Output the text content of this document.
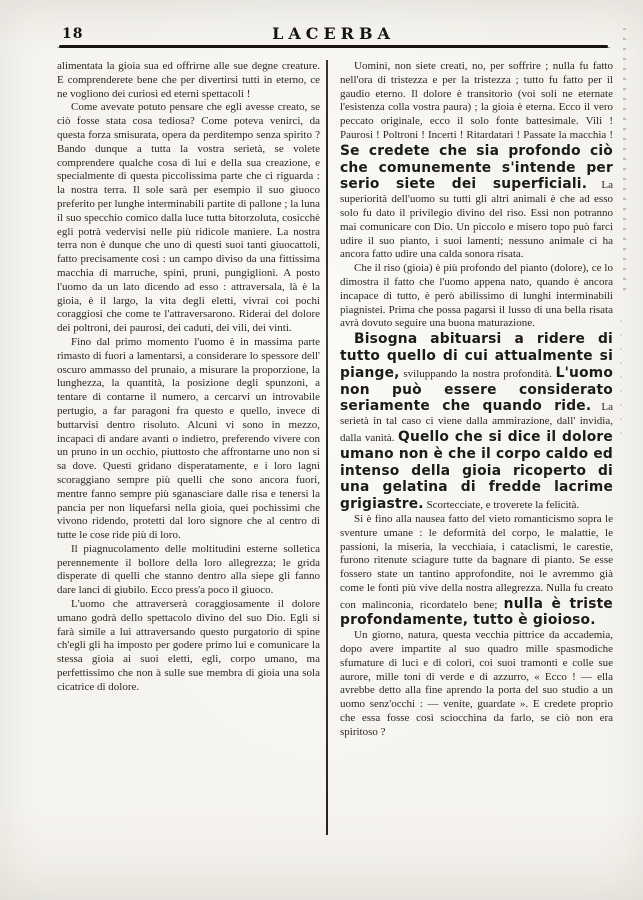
18	LACERBA

alimentata la gioia sua ed offrirne alle sue degne creature. E comprenderete bene che per divertirsi tutti in eterno, ce ne vogliono dei curiosi ed eterni spettacoli !

Come avevate potuto pensare che egli avesse creato, se ciò fosse stata cosa tediosa? Come poteva venirci, da questa forza smisurata, opera da perditempo senza spirito ? Bando dunque a tutta la vostra serietà, se volete comprendere qualche cosa di lui e della sua creazione, e specialmente di questa piccolissima parte che ci riguarda : la nostra terra. Il sole sarà per esempio il suo giuoco preferito per lunghe interminabili partite di pallone ; la luna il suo specchio comico dalla luce tutta bitorzoluta, cosicchè egli potrà vedervisi nelle più ridicole maniere. La nostra terra non è dunque che uno di questi suoi tanti giuocattoli, fatto precisamente così : un campo diviso da una fittissima macchia di marruche, spini, pruni, pungiglioni. A posto l'uomo da un lato dicendo ad esso : attraversala, là è la gioia, è il largo, la vita degli eletti, vivrai coi pochi coraggiosi che come te l'attraversarono. Riderai del dolore dei poltroni, dei paurosi, dei caduti, dei vili, dei vinti.

Fino dal primo momento l'uomo è in massima parte rimasto di fuori a lamentarsi, a considerare lo spessore dell' oscuro ammasso del prunaio, a misurare la proporzione, la lunghezza, la quantità, la posizione degli spunzoni, a tentare di contarne il numero, a cercarvi un introvabile pertugio, a far paragoni fra questo e quello, invece di buttarvisi dentro risoluto. Alcuni vi sono in mezzo, incapaci di andare avanti o indietro, preferendo vivere con un pruno in un occhio, piuttosto che affrontarne uno non si sa dove. Questi gridano disperatamente, e i loro lagni scoraggiano sempre più quelli che sono ancora fuori, mentre fanno sempre più sganasciare dalle risa e tenersi la pancia per non liquefarsi nella gioia, quei pochissimi che vivono ridendo, protetti dal loro signore che al centro di tutte le cose ride più di loro.

Il piagnucolamento delle moltitudini esterne solletica perennemente il bollore della loro allegrezza; le grida disperate di quelli che stanno dentro alla siepe gli fanno dare lanci di giubilo. Ecco press'a poco il giuoco.

L'uomo che attraverserà coraggiosamente il dolore umano godrà dello spettacolo divino del suo Dio. Egli si farà simile a lui attraversando questo purgatorio di spine ch'egli gli ha imposto per godere primo lui e comunicare la stessa gioia ai suoi eletti, egli, corpo umano, ma perfettissimo che non à sulle sue membra di gioia una sola cicatrice di dolore.

Uomini, non siete creati, no, per soffrire ; nulla fu fatto nell'ora di tristezza e per la tristezza ; tutto fu fatto per il gaudio eterno. Il dolore è transitorio (voi soli ne eternate l'esistenza colla vostra paura) ; la gioia è eterna. Ecco il vero peccato originale, ecco il solo fonte battesimale. Vili ! Paurosi ! Poltroni ! Incerti ! Ritardatari ! Passate la macchia ! Se credete che sia profondo ciò che comunemente s'intende per serio siete dei superficiali. La superiorità dell'uomo su tutti gli altri animali è che ad esso solo fu dato il privilegio divino del riso. Essi non potranno mai comunicare con Dio. Un piccolo e misero topo può farci udire il suo pianto, i suoi lamenti; nessuno animale ci ha ancora fatto udire una calda sonora risata.

Che il riso (gioia) è più profondo del pianto (dolore), ce lo dimostra il fatto che l'uomo appena nato, quando è ancora incapace di tutto, è però abilissimo di lunghi interminabili piagnistei. Prima che possa pagarsi il lusso di una bella risata avrà dovuto seguire una buona maturazione.

Bisogna abituarsi a ridere di tutto quello di cui attualmente si piange, sviluppando la nostra profondità. L'uomo non può essere considerato seriamente che quando ride. La serietà in tal caso ci viene dalla ammirazione, dall' invidia, dalla vanità. Quello che si dice il dolore umano non è che il corpo caldo ed intenso della gioia ricoperto di una gelatina di fredde lacrime grigiastre. Scortecciate, e troverete la felicità.

Si è fino alla nausea fatto del vieto romanticismo sopra le sventure umane : le deformità del corpo, le malattie, le passioni, la miseria, la vecchiaia, i cataclismi, le carestie, furono ritenute sciagure tutte da bagnare di pianto. Se esse fossero state un tantino approfondite, noi le avremmo già come le fonti più vive della nostra allegrezza. Nulla fu creato con malinconia, ricordatelo bene; nulla è triste profondamente, tutto è gioioso.

Un giorno, natura, questa vecchia pittrice da accademia, dopo avere impartite al suo quadro mille spasmodiche sfumature di luci e di colori, coi suoi tramonti e colle sue aurore, mille toni di verde e di azzurro, « Ecco ! — ella avrebbe detto alla fine aprendo la porta del suo studio a un uomo senz'occhi : — venite, guardate ». E credete proprio che essa fosse così sciocchina da farlo, se ciò non era spiritoso ?
